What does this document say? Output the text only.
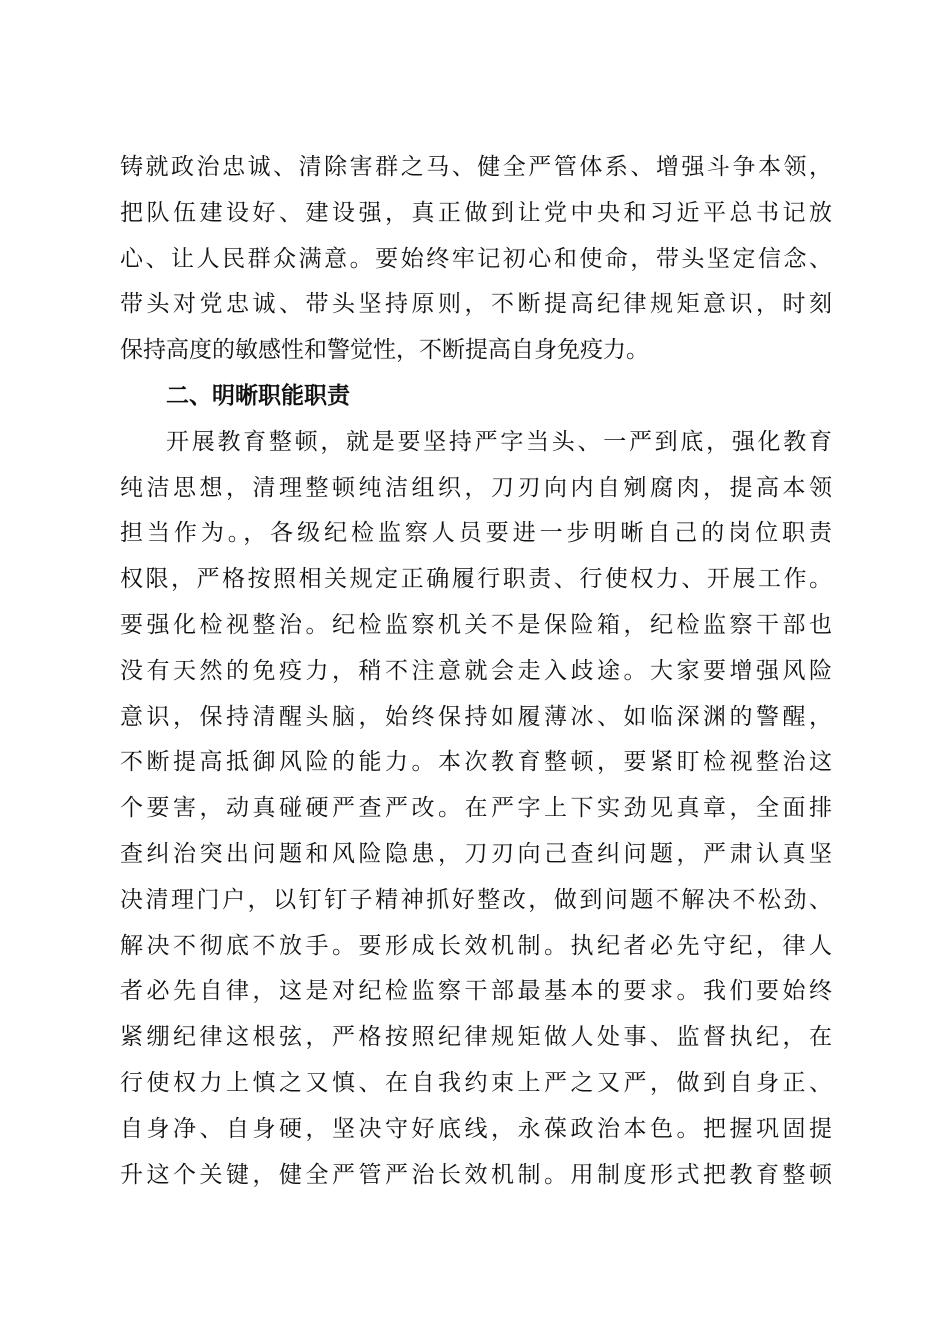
铸就政治忠诚、清除害群之马、健全严管体系、增强斗争本领，
把队伍建设好、建设强，真正做到让党中央和习近平总书记放
心、让人民群众满意。要始终牢记初心和使命，带头坚定信念、
带头对党忠诚、带头坚持原则，不断提高纪律规矩意识，时刻
保持高度的敏感性和警觉性，不断提高自身免疫力。
二、明晰职能职责
开展教育整顿，就是要坚持严字当头、一严到底，强化教育
纯洁思想，清理整顿纯洁组织，刀刃向内自剜腐肉，提高本领
担当作为。，各级纪检监察人员要进一步明晰自己的岗位职责
权限，严格按照相关规定正确履行职责、行使权力、开展工作。
要强化检视整治。纪检监察机关不是保险箱，纪检监察干部也
没有天然的免疫力，稍不注意就会走入歧途。大家要增强风险
意识，保持清醒头脑，始终保持如履薄冰、如临深渊的警醒，
不断提高抵御风险的能力。本次教育整顿，要紧盯检视整治这
个要害，动真碰硬严查严改。在严字上下实劲见真章，全面排
查纠治突出问题和风险隐患，刀刃向己查纠问题，严肃认真坚
决清理门户，以钉钉子精神抓好整改，做到问题不解决不松劲、
解决不彻底不放手。要形成长效机制。执纪者必先守纪，律人
者必先自律，这是对纪检监察干部最基本的要求。我们要始终
紧绷纪律这根弦，严格按照纪律规矩做人处事、监督执纪，在
行使权力上慎之又慎、在自我约束上严之又严，做到自身正、
自身净、自身硬，坚决守好底线，永葆政治本色。把握巩固提
升这个关键，健全严管严治长效机制。用制度形式把教育整顿
